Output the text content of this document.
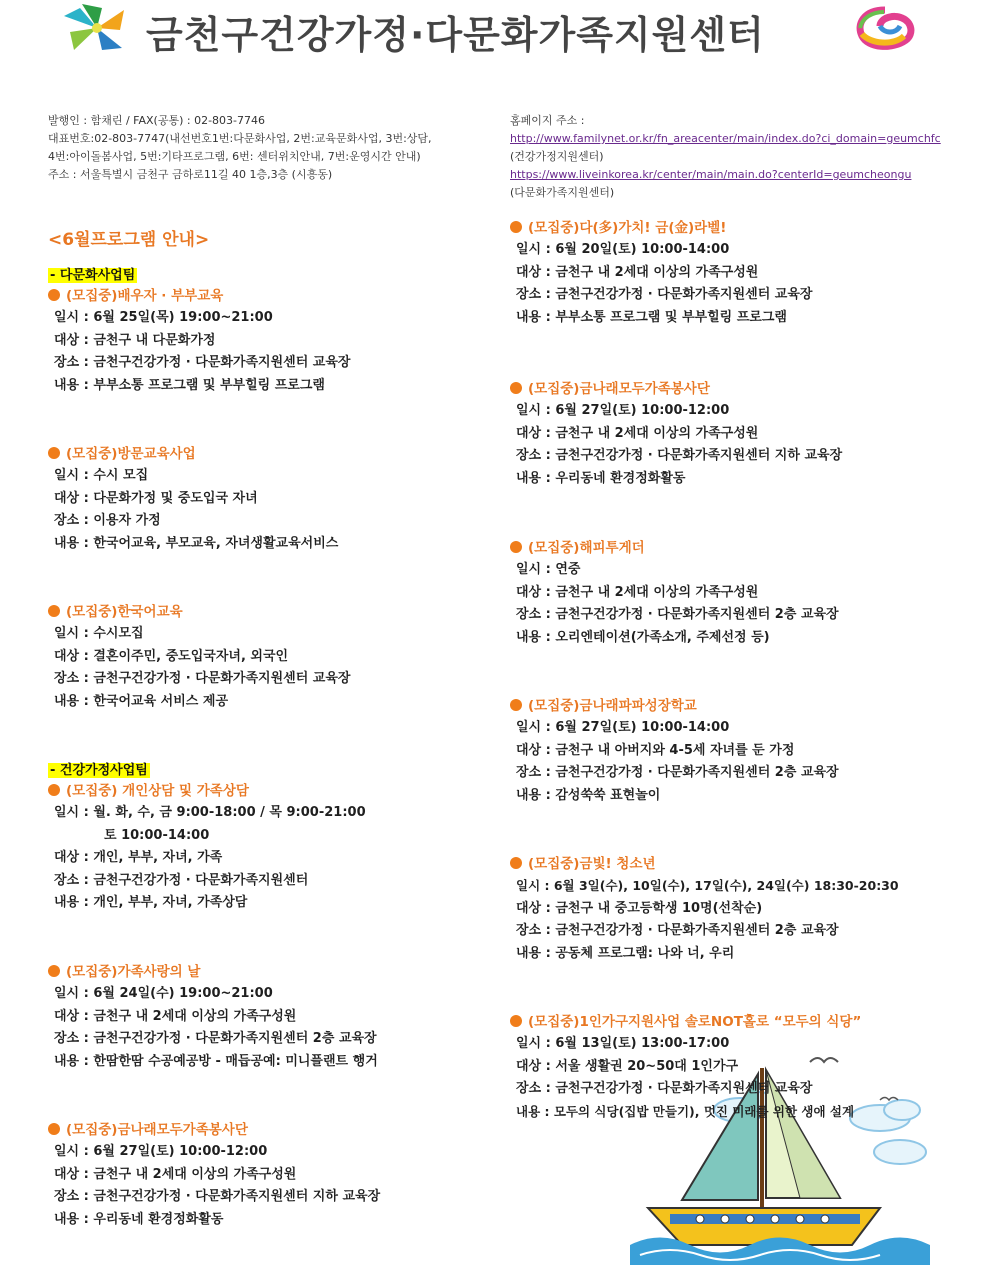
금천구건강가정·다문화가족지원센터
발행인 : 함채린 / FAX(공통) : 02-803-7746
대표번호:02-803-7747(내선번호1번:다문화사업, 2번:교육문화사업, 3번:상담,
4번:아이돌봄사업, 5번:기타프로그램, 6번: 센터위치안내, 7번:운영시간 안내)
주소 : 서울특별시 금천구 금하로11길 40 1층,3층 (시흥동)
홈페이지 주소 :
http://www.familynet.or.kr/fn_areacenter/main/index.do?ci_domain=geumchfc
(건강가정지원센터)
https://www.liveinkorea.kr/center/main/main.do?centerId=geumcheongu
(다문화가족지원센터)
<6월프로그램 안내>
- 다문화사업팀
- 건강가정사업팀
(모집중)배우자 · 부부교육
일시 : 6월 25일(목) 19:00~21:00
대상 : 금천구 내 다문화가정
장소 : 금천구건강가정 · 다문화가족지원센터 교육장
내용 : 부부소통 프로그램 및 부부힐링 프로그램
(모집중)방문교육사업
일시 : 수시 모집
대상 : 다문화가정 및 중도입국 자녀
장소 : 이용자 가정
내용 : 한국어교육, 부모교육, 자녀생활교육서비스
(모집중)한국어교육
일시 : 수시모집
대상 : 결혼이주민, 중도입국자녀, 외국인
장소 : 금천구건강가정 · 다문화가족지원센터 교육장
내용 : 한국어교육 서비스 제공
(모집중) 개인상담 및 가족상담
일시 : 월. 화, 수, 금 9:00-18:00 / 목 9:00-21:00
토 10:00-14:00
대상 : 개인, 부부, 자녀, 가족
장소 : 금천구건강가정 · 다문화가족지원센터
내용 : 개인, 부부, 자녀, 가족상담
(모집중)가족사랑의 날
일시 : 6월 24일(수) 19:00~21:00
대상 : 금천구 내 2세대 이상의 가족구성원
장소 : 금천구건강가정 · 다문화가족지원센터 2층 교육장
내용 : 한땀한땀 수공예공방 - 매듭공예: 미니플랜트 행거
(모집중)금나래모두가족봉사단
일시 : 6월 27일(토) 10:00-12:00
대상 : 금천구 내 2세대 이상의 가족구성원
장소 : 금천구건강가정 · 다문화가족지원센터 지하 교육장
내용 : 우리동네 환경정화활동
(모집중)다(多)가치! 금(金)라벨!
일시 : 6월 20일(토) 10:00-14:00
대상 : 금천구 내 2세대 이상의 가족구성원
장소 : 금천구건강가정 · 다문화가족지원센터 교육장
내용 : 부부소통 프로그램 및 부부힐링 프로그램
(모집중)금나래모두가족봉사단
일시 : 6월 27일(토) 10:00-12:00
대상 : 금천구 내 2세대 이상의 가족구성원
장소 : 금천구건강가정 · 다문화가족지원센터 지하 교육장
내용 : 우리동네 환경정화활동
(모집중)해피투게더
일시 : 연중
대상 : 금천구 내 2세대 이상의 가족구성원
장소 : 금천구건강가정 · 다문화가족지원센터 2층 교육장
내용 : 오리엔테이션(가족소개, 주제선정 등)
(모집중)금나래파파성장학교
일시 : 6월 27일(토) 10:00-14:00
대상 : 금천구 내 아버지와 4-5세 자녀를 둔 가정
장소 : 금천구건강가정 · 다문화가족지원센터 2층 교육장
내용 : 감성쑥쑥 표현놀이
(모집중)금빛! 청소년
일시 : 6월 3일(수), 10일(수), 17일(수), 24일(수) 18:30-20:30
대상 : 금천구 내 중고등학생 10명(선착순)
장소 : 금천구건강가정 · 다문화가족지원센터 2층 교육장
내용 : 공동체 프로그램: 나와 너, 우리
(모집중)1인가구지원사업 솔로NOT홀로 “모두의 식당”
일시 : 6월 13일(토) 13:00-17:00
대상 : 서울 생활권 20~50대 1인가구
장소 : 금천구건강가정 · 다문화가족지원센터 교육장
내용 : 모두의 식당(집밥 만들기), 멋진 미래를 위한 생애 설계
